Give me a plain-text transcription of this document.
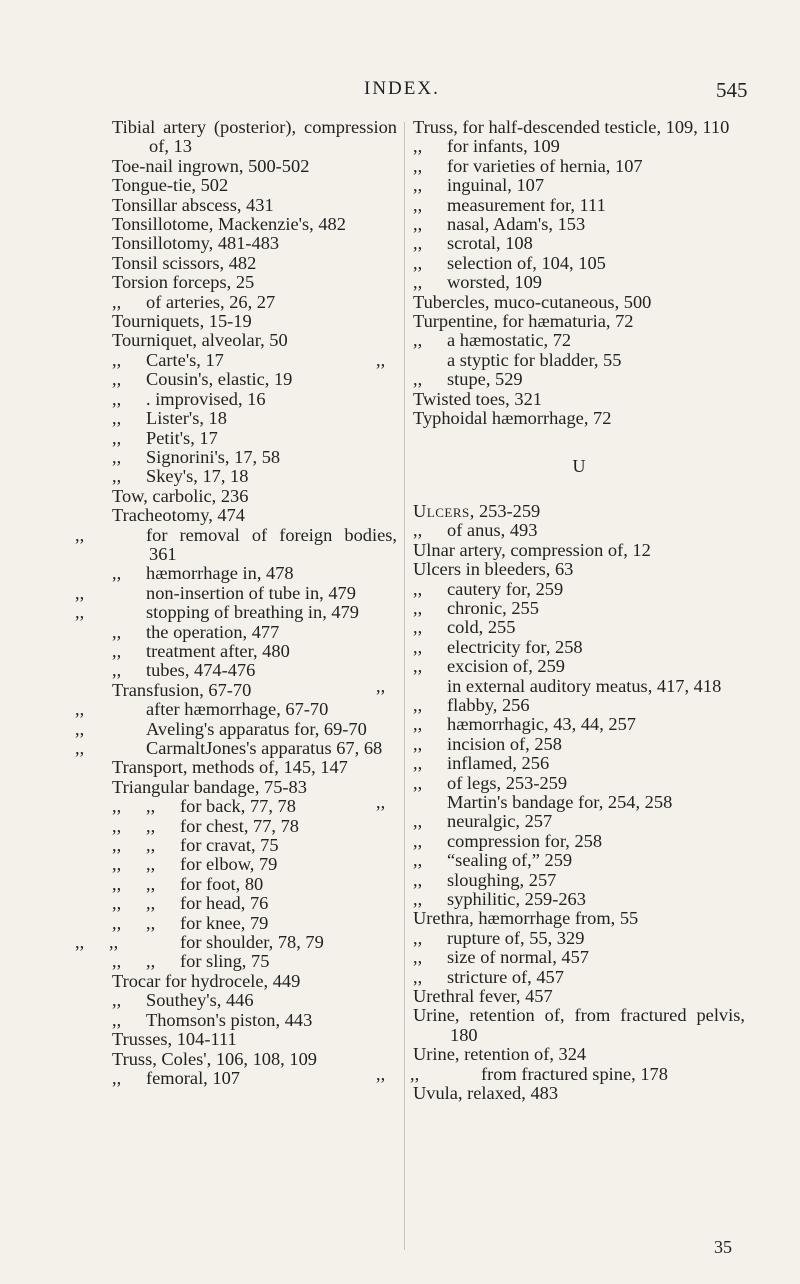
INDEX.	545
Tibial artery (posterior), compression of, 13
Toe-nail ingrown, 500-502
Tongue-tie, 502
Tonsillar abscess, 431
Tonsillotome, Mackenzie's, 482
Tonsillotomy, 481-483
Tonsil scissors, 482
Torsion forceps, 25
,, of arteries, 26, 27
Tourniquets, 15-19
Tourniquet, alveolar, 50
,, Carte's, 17
,, Cousin's, elastic, 19
,, . improvised, 16
,, Lister's, 18
,, Petit's, 17
,, Signorini's, 17, 58
,, Skey's, 17, 18
Tow, carbolic, 236
Tracheotomy, 474
,,	for removal of foreign bodies, 361
,, hæmorrhage in, 478
,,	non-insertion of tube in, 479
,,	stopping of breathing in, 479
,, the operation, 477
,, treatment after, 480
,, tubes, 474-476
Transfusion, 67-70
,,	after hæmorrhage, 67-70
,,	Aveling's apparatus for, 69-70
,,	CarmaltJones's apparatus 67, 68
Transport, methods of, 145, 147
Triangular bandage, 75-83
,, ,, for back, 77, 78
,, ,, for chest, 77, 78
,, ,, for cravat, 75
,, ,, for elbow, 79
,, ,, for foot, 80
,, ,, for head, 76
,, ,, for knee, 79
,, ,,	for shoulder, 78, 79
,, ,, for sling, 75
Trocar for hydrocele, 449
,, Southey's, 446
,, Thomson's piston, 443
Trusses, 104-111
Truss, Coles', 106, 108, 109
,, femoral, 107
Truss, for half-descended testicle, 109, 110
,, for infants, 109
,, for varieties of hernia, 107
,, inguinal, 107
,, measurement for, 111
,, nasal, Adam's, 153
,, scrotal, 108
,, selection of, 104, 105
,, worsted, 109
Tubercles, muco-cutaneous, 500
Turpentine, for hæmaturia, 72
,, a hæmostatic, 72
,,	a styptic for bladder, 55
,, stupe, 529
Twisted toes, 321
Typhoidal hæmorrhage, 72
U
Ulcers, 253-259
,, of anus, 493
Ulnar artery, compression of, 12
Ulcers in bleeders, 63
,, cautery for, 259
,, chronic, 255
,, cold, 255
,, electricity for, 258
,, excision of, 259
,,	in external auditory meatus, 417, 418
,, flabby, 256
,, hæmorrhagic, 43, 44, 257
,, incision of, 258
,, inflamed, 256
,, of legs, 253-259
,,	Martin's bandage for, 254, 258
,, neuralgic, 257
,, compression for, 258
,, “sealing of,” 259
,, sloughing, 257
,, syphilitic, 259-263
Urethra, hæmorrhage from, 55
,, rupture of, 55, 329
,, size of normal, 457
,, stricture of, 457
Urethral fever, 457
Urine, retention of, from fractured pelvis, 180
Urine, retention of, 324
,, ,,	from fractured spine, 178
Uvula, relaxed, 483
35
